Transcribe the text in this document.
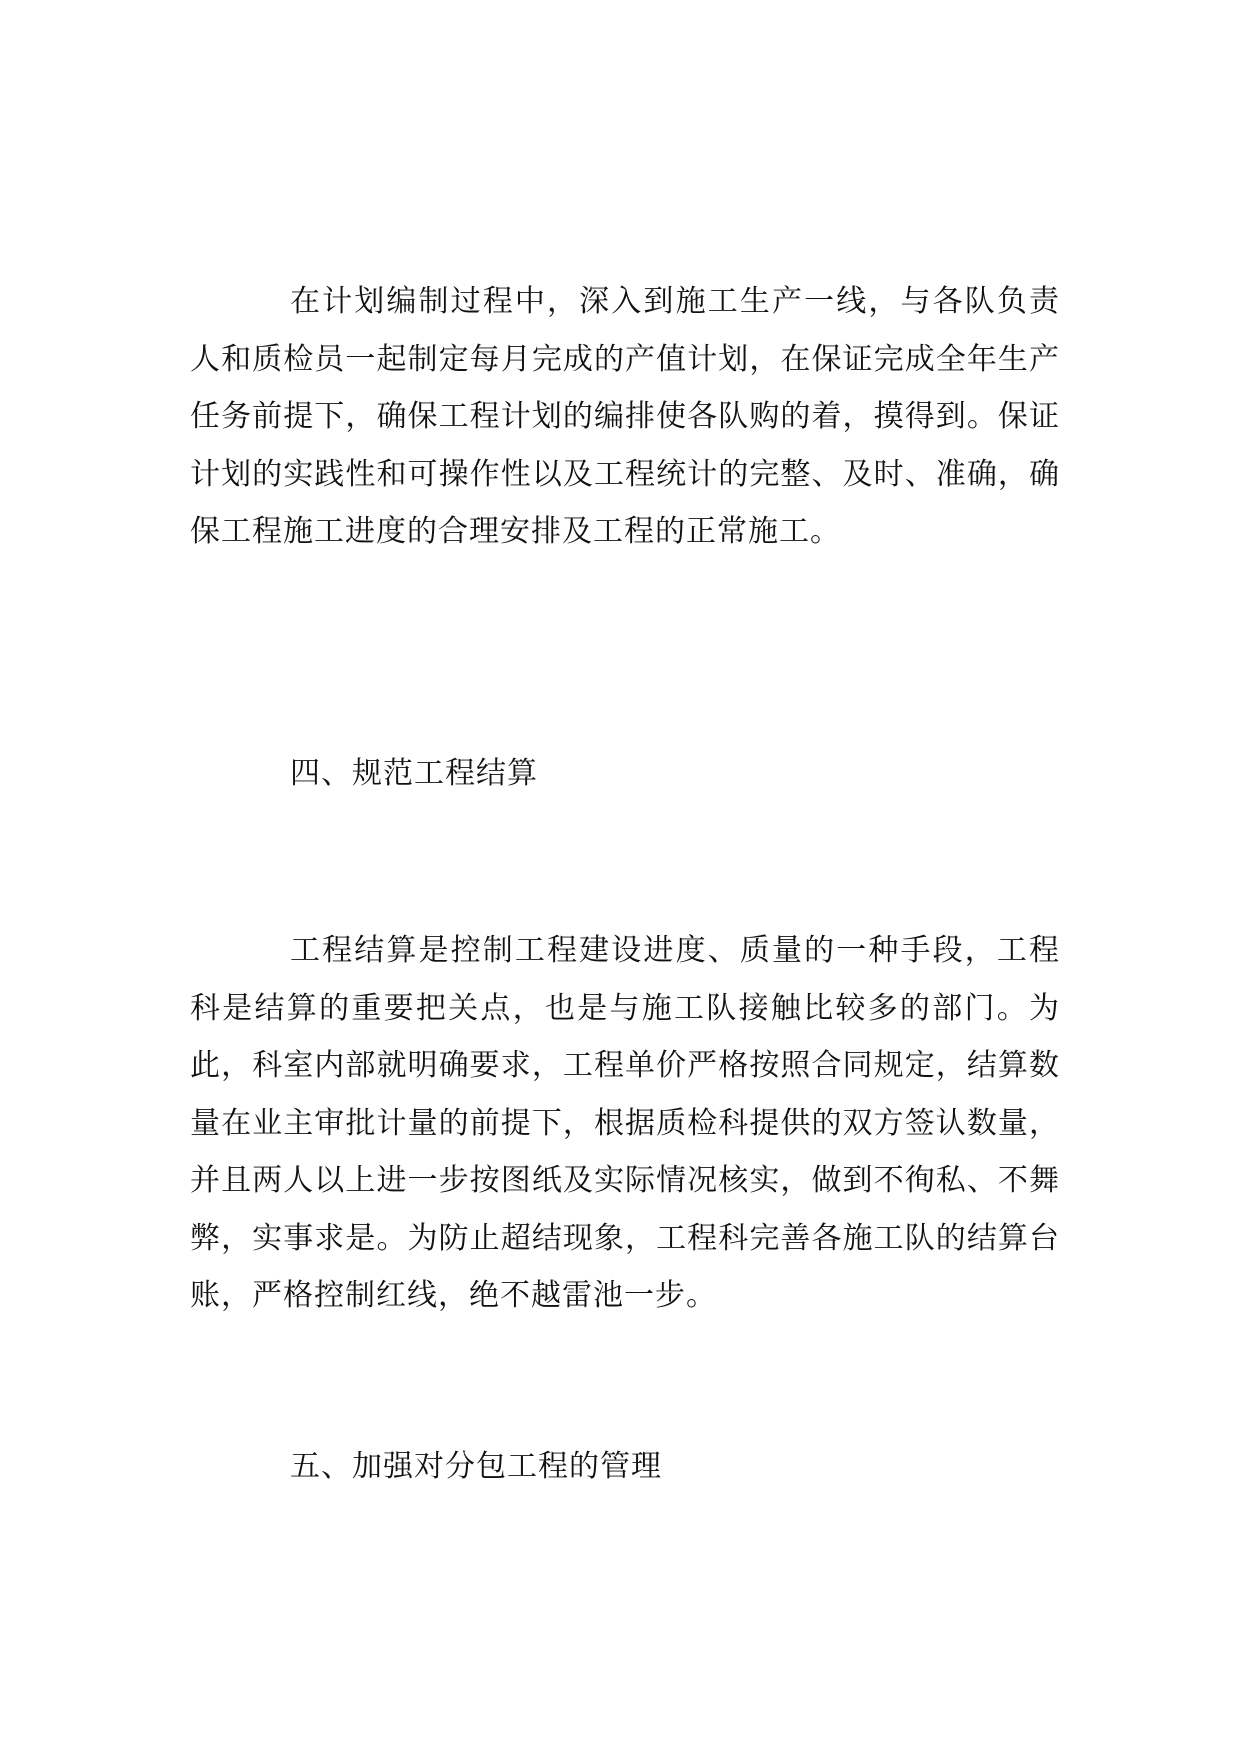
在计划编制过程中，深入到施工生产一线，与各队负责人和质检员一起制定每月完成的产值计划，在保证完成全年生产任务前提下，确保工程计划的编排使各队购的着，摸得到。保证计划的实践性和可操作性以及工程统计的完整、及时、准确，确保工程施工进度的合理安排及工程的正常施工。

四、规范工程结算

工程结算是控制工程建设进度、质量的一种手段，工程科是结算的重要把关点，也是与施工队接触比较多的部门。为此，科室内部就明确要求，工程单价严格按照合同规定，结算数量在业主审批计量的前提下，根据质检科提供的双方签认数量，并且两人以上进一步按图纸及实际情况核实，做到不徇私、不舞弊，实事求是。为防止超结现象，工程科完善各施工队的结算台账，严格控制红线，绝不越雷池一步。

五、加强对分包工程的管理
